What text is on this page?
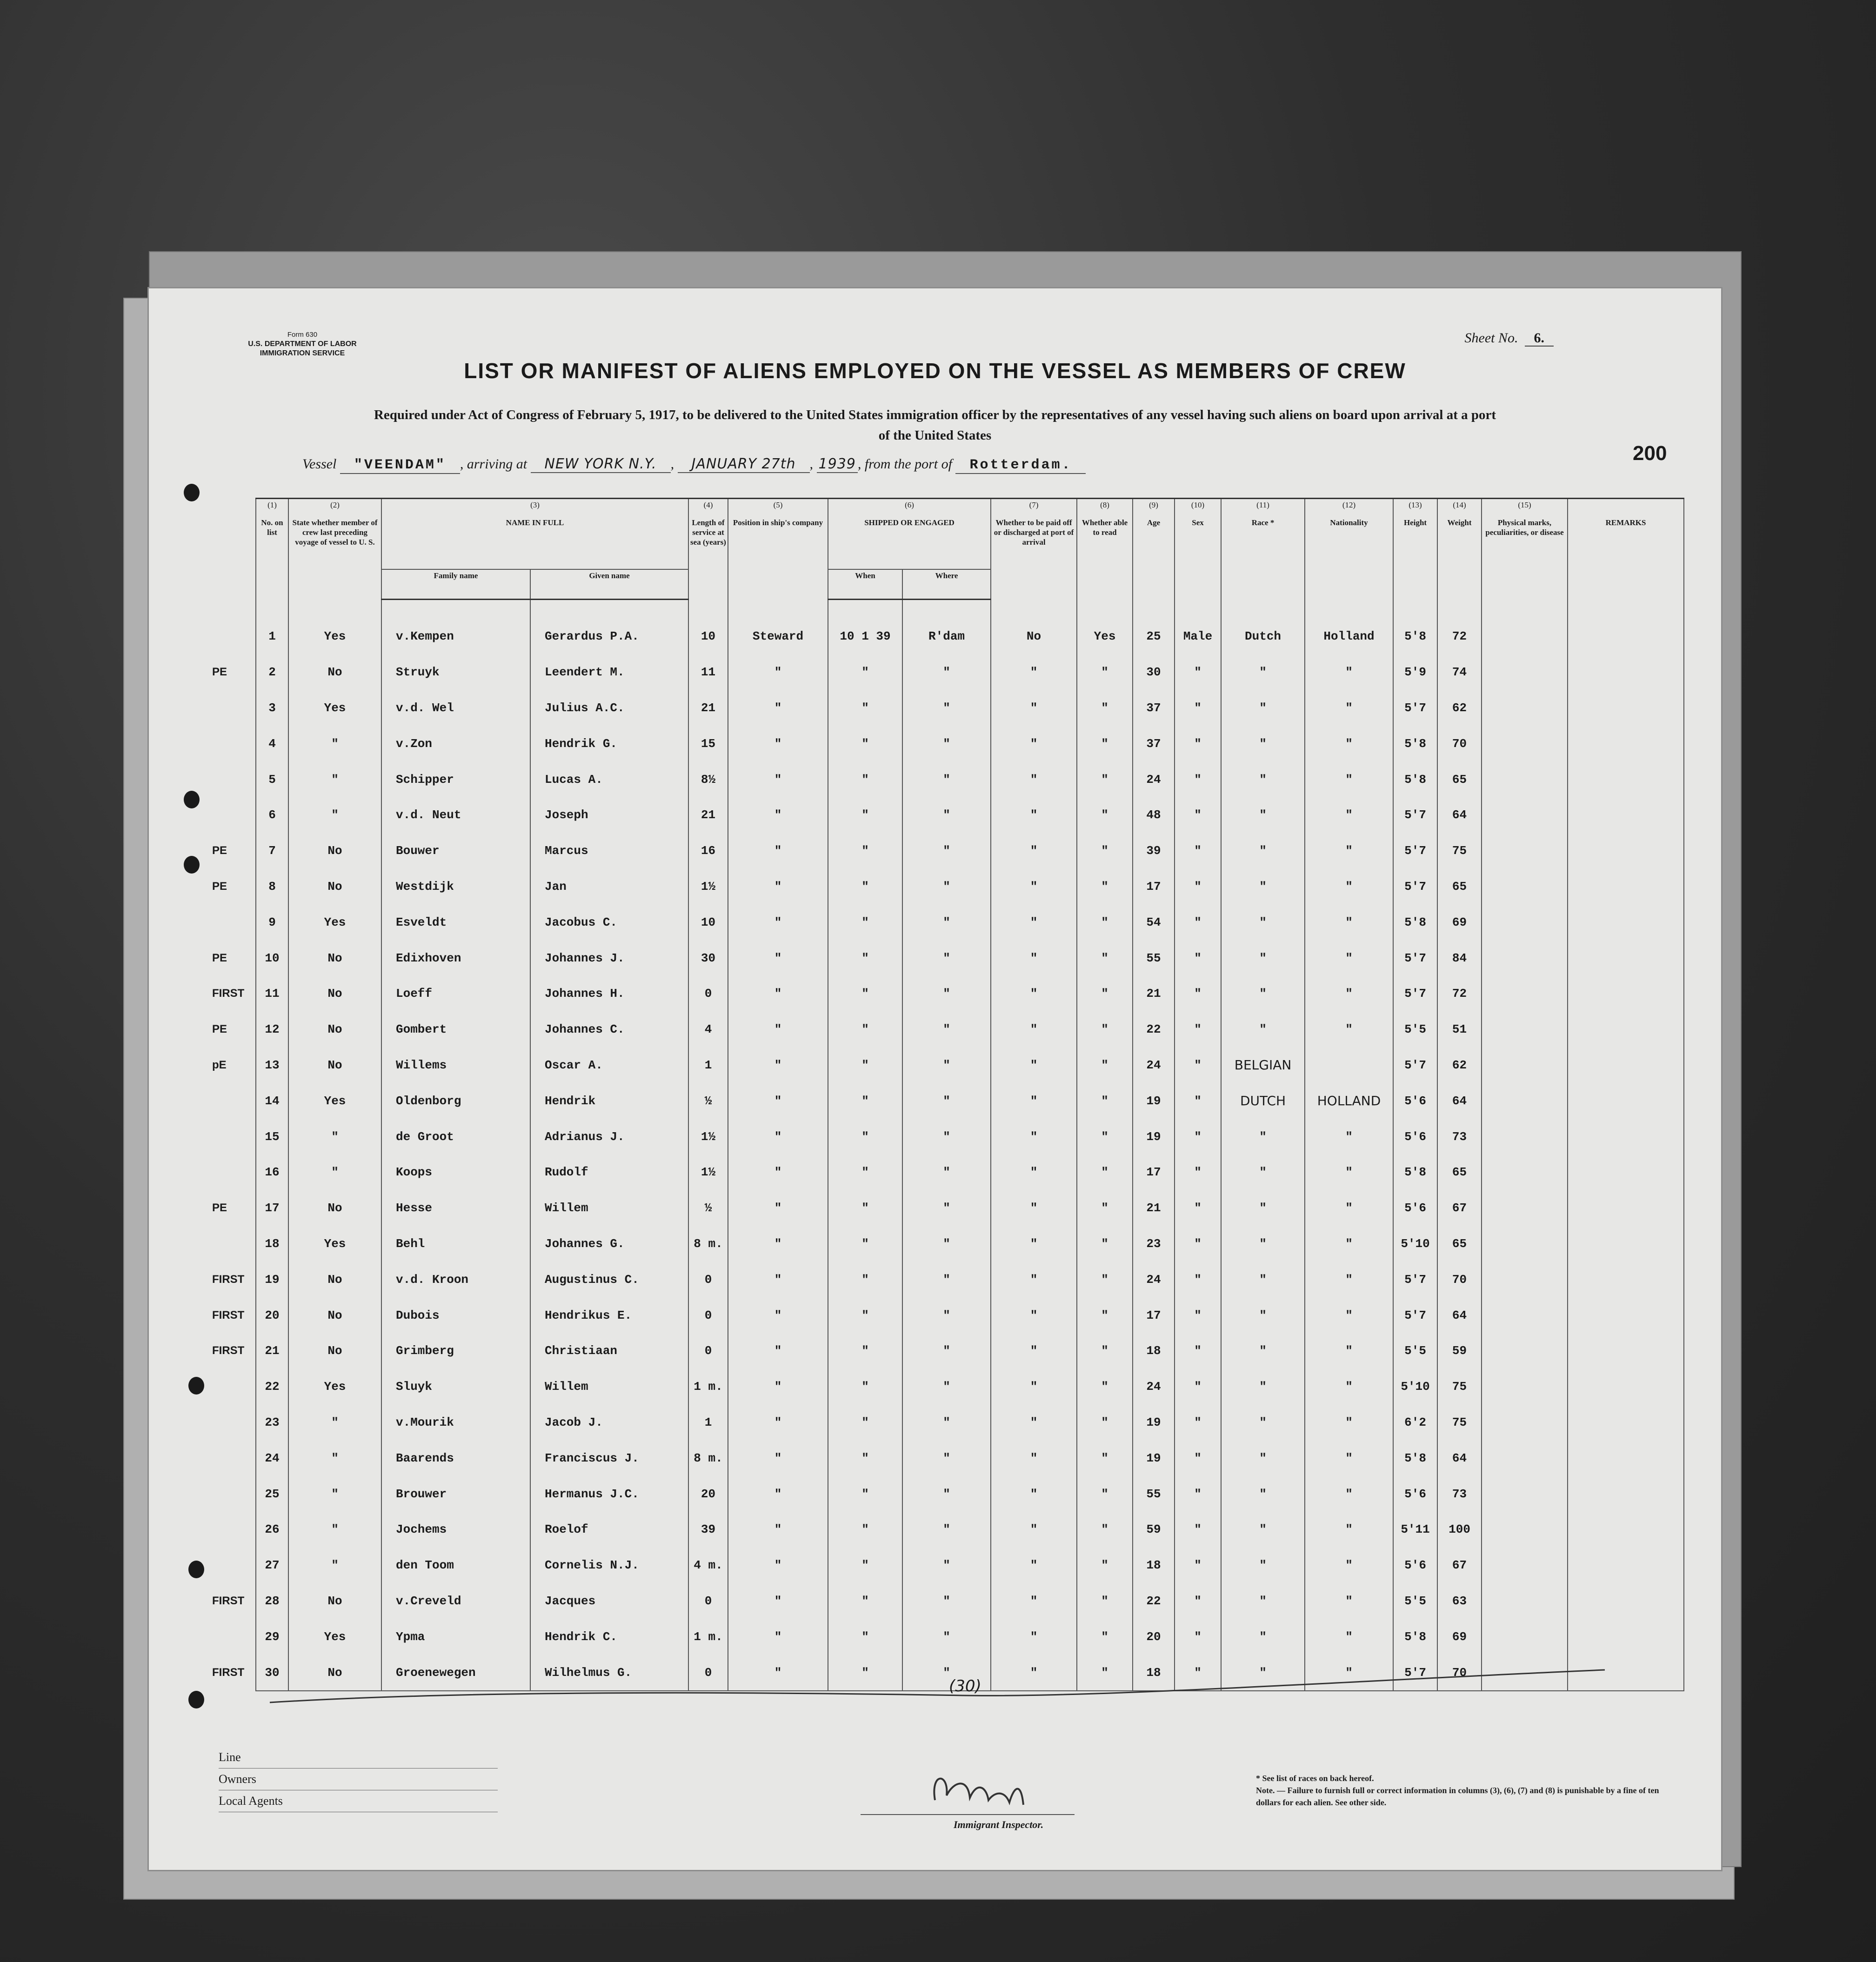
Form 630
U.S. DEPARTMENT OF LABOR
IMMIGRATION SERVICE
Sheet No. 6.
LIST OR MANIFEST OF ALIENS EMPLOYED ON THE VESSEL AS MEMBERS OF CREW
Required under Act of Congress of February 5, 1917, to be delivered to the United States immigration officer by the representatives of any vessel having such aliens on board upon arrival at a port
of the United States
Vessel "VEENDAM" , arriving at NEW YORK N.Y. , JANUARY 27th , 1939 , from the port of Rotterdam.
200
	(1)	(2)	(3)		(4)	(5)	(6)		(7)	(8)	(9)	(10)	(11)	(12)	(13)	(14)	(15)	
	No. on list	State whether member of crew last preceding voyage of vessel to U. S.	NAME IN FULL		Length of service at sea (years)	Position in ship's company	SHIPPED OR ENGAGED		Whether to be paid off or discharged at port of arrival	Whether able to read	Age	Sex	Race *	Nationality	Height	Weight	Physical marks, peculiarities, or disease	REMARKS
			Family name	Given name			When	Where										
	1	Yes	v.Kempen	Gerardus P.A.	10	Steward	10 1 39	R'dam	No	Yes	25	Male	Dutch	Holland	5'8	72		
PE	2	No	Struyk	Leendert M.	11	"	"	"	"	"	30	"	"	"	5'9	74		
	3	Yes	v.d. Wel	Julius A.C.	21	"	"	"	"	"	37	"	"	"	5'7	62		
	4	"	v.Zon	Hendrik G.	15	"	"	"	"	"	37	"	"	"	5'8	70		
	5	"	Schipper	Lucas A.	8½	"	"	"	"	"	24	"	"	"	5'8	65		
	6	"	v.d. Neut	Joseph	21	"	"	"	"	"	48	"	"	"	5'7	64		
PE	7	No	Bouwer	Marcus	16	"	"	"	"	"	39	"	"	"	5'7	75		
PE	8	No	Westdijk	Jan	1½	"	"	"	"	"	17	"	"	"	5'7	65		
	9	Yes	Esveldt	Jacobus C.	10	"	"	"	"	"	54	"	"	"	5'8	69		
PE	10	No	Edixhoven	Johannes J.	30	"	"	"	"	"	55	"	"	"	5'7	84		
FIRST	11	No	Loeff	Johannes H.	0	"	"	"	"	"	21	"	"	"	5'7	72		
PE	12	No	Gombert	Johannes C.	4	"	"	"	"	"	22	"	"	"	5'5	51		
pE	13	No	Willems	Oscar A.	1	"	"	"	"	"	24	"	BELGIAN		5'7	62		
	14	Yes	Oldenborg	Hendrik	½	"	"	"	"	"	19	"	DUTCH	HOLLAND	5'6	64		
	15	"	de Groot	Adrianus J.	1½	"	"	"	"	"	19	"	"	"	5'6	73		
	16	"	Koops	Rudolf	1½	"	"	"	"	"	17	"	"	"	5'8	65		
PE	17	No	Hesse	Willem	½	"	"	"	"	"	21	"	"	"	5'6	67		
	18	Yes	Behl	Johannes G.	8 m.	"	"	"	"	"	23	"	"	"	5'10	65		
FIRST	19	No	v.d. Kroon	Augustinus C.	0	"	"	"	"	"	24	"	"	"	5'7	70		
FIRST	20	No	Dubois	Hendrikus E.	0	"	"	"	"	"	17	"	"	"	5'7	64		
FIRST	21	No	Grimberg	Christiaan	0	"	"	"	"	"	18	"	"	"	5'5	59		
	22	Yes	Sluyk	Willem	1 m.	"	"	"	"	"	24	"	"	"	5'10	75		
	23	"	v.Mourik	Jacob J.	1	"	"	"	"	"	19	"	"	"	6'2	75		
	24	"	Baarends	Franciscus J.	8 m.	"	"	"	"	"	19	"	"	"	5'8	64		
	25	"	Brouwer	Hermanus J.C.	20	"	"	"	"	"	55	"	"	"	5'6	73		
	26	"	Jochems	Roelof	39	"	"	"	"	"	59	"	"	"	5'11	100		
	27	"	den Toom	Cornelis N.J.	4 m.	"	"	"	"	"	18	"	"	"	5'6	67		
FIRST	28	No	v.Creveld	Jacques	0	"	"	"	"	"	22	"	"	"	5'5	63		
	29	Yes	Ypma	Hendrik C.	1 m.	"	"	"	"	"	20	"	"	"	5'8	69		
FIRST	30	No	Groenewegen	Wilhelmus G.	0	"	"	"	"	"	18	"	"	"	5'7	70		
(30)
Line
Owners
Local Agents	A. C. Gilroy
Immigrant Inspector.
* See list of races on back hereof.
Note. — Failure to furnish full or correct information in columns (3), (6), (7) and (8) is punishable by a fine of ten dollars for each alien. See other side.
